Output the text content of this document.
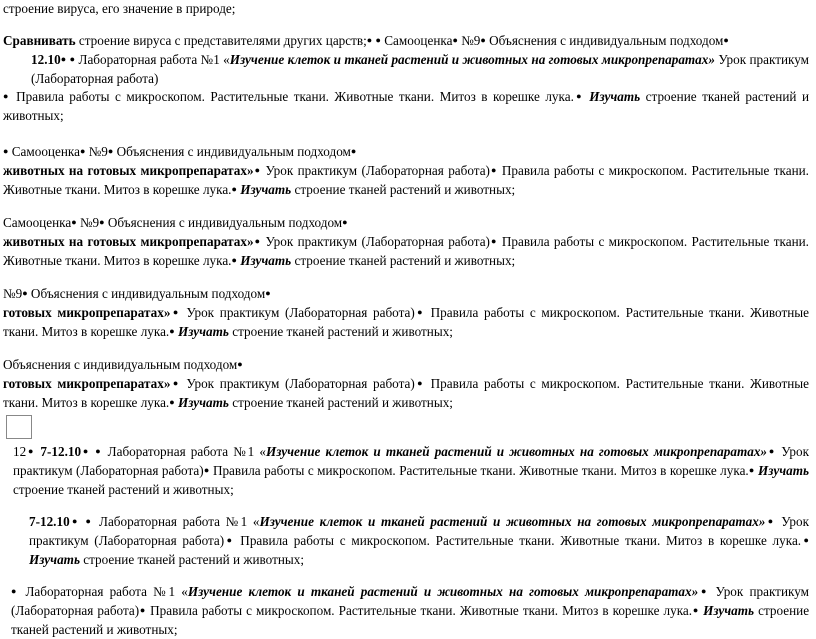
строение вируса, его значение в природе;

Сравнивать строение вируса с представителями других царств;● ● Самооценка● №9● Объяснения с индивидуальным подходом●

12.10● ● Лабораторная работа №1 «Изучение клеток и тканей растений и животных на готовых микропрепаратах» Урок практикум (Лабораторная работа)

● Правила работы с микроскопом. Растительные ткани. Животные ткани. Митоз в корешке лука.● Изучать строение тканей растений и животных;

● Самооценка● №9● Объяснения с индивидуальным подходом●

животных на готовых микропрепаратах»● Урок практикум (Лабораторная работа)● Правила работы с микроскопом. Растительные ткани. Животные ткани. Митоз в корешке лука.● Изучать строение тканей растений и животных;

Самооценка● №9● Объяснения с индивидуальным подходом●

животных на готовых микропрепаратах»● Урок практикум (Лабораторная работа)● Правила работы с микроскопом. Растительные ткани. Животные ткани. Митоз в корешке лука.● Изучать строение тканей растений и животных;

№9● Объяснения с индивидуальным подходом●

готовых микропрепаратах»● Урок практикум (Лабораторная работа)● Правила работы с микроскопом. Растительные ткани. Животные ткани. Митоз в корешке лука.● Изучать строение тканей растений и животных;

Объяснения с индивидуальным подходом●

готовых микропрепаратах»● Урок практикум (Лабораторная работа)● Правила работы с микроскопом. Растительные ткани. Животные ткани. Митоз в корешке лука.● Изучать строение тканей растений и животных;

12● 7-12.10● ● Лабораторная работа №1 «Изучение клеток и тканей растений и животных на готовых микропрепаратах»● Урок практикум (Лабораторная работа)● Правила работы с микроскопом. Растительные ткани. Животные ткани. Митоз в корешке лука.● Изучать строение тканей растений и животных;

7-12.10● ● Лабораторная работа №1 «Изучение клеток и тканей растений и животных на готовых микропрепаратах»● Урок практикум (Лабораторная работа)● Правила работы с микроскопом. Растительные ткани. Животные ткани. Митоз в корешке лука.● Изучать строение тканей растений и животных;

● Лабораторная работа №1 «Изучение клеток и тканей растений и животных на готовых микропрепаратах»● Урок практикум (Лабораторная работа)● Правила работы с микроскопом. Растительные ткани. Животные ткани. Митоз в корешке лука.● Изучать строение тканей растений и животных;
